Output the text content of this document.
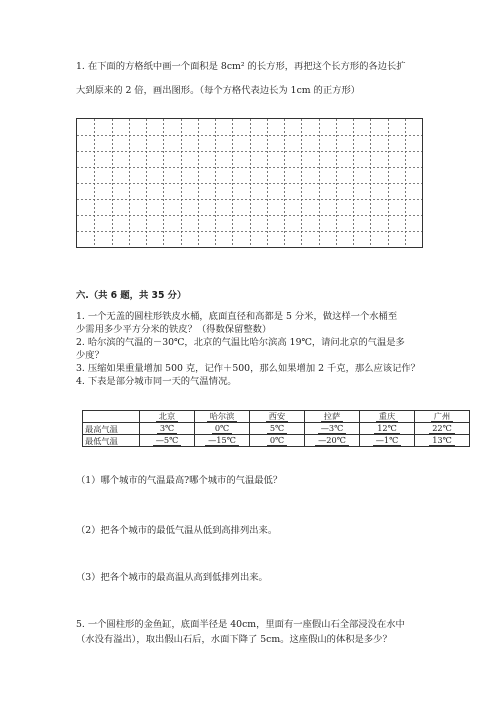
1. 在下面的方格纸中画一个面积是 8cm² 的长方形，再把这个长方形的各边长扩
大到原来的 2 倍，画出图形。（每个方格代表边长为 1cm 的正方形）
六.（共 6 题，共 35 分）
1. 一个无盖的圆柱形铁皮水桶，底面直径和高都是 5 分米，做这样一个水桶至
少需用多少平方分米的铁皮？（得数保留整数）
2. 哈尔滨的气温的－30℃，北京的气温比哈尔滨高 19℃，请问北京的气温是多
少度？
3. 压缩如果重量增加 500 克，记作＋500，那么如果增加 2 千克，那么应该记作？
4. 下表是部分城市同一天的气温情况。
	北京	哈尔滨	西安	拉萨	重庆	广州
最高气温	3℃	0℃	5℃	—3℃	12℃	22℃
最低气温	—5℃	—15℃	0℃	—20℃	—1℃	13℃
（1）哪个城市的气温最高?哪个城市的气温最低？
（2）把各个城市的最低气温从低到高排列出来。
（3）把各个城市的最高温从高到低排列出来。
5. 一个圆柱形的金鱼缸，底面半径是 40cm，里面有一座假山石全部浸没在水中
（水没有溢出），取出假山石后，水面下降了 5cm。这座假山的体积是多少？
